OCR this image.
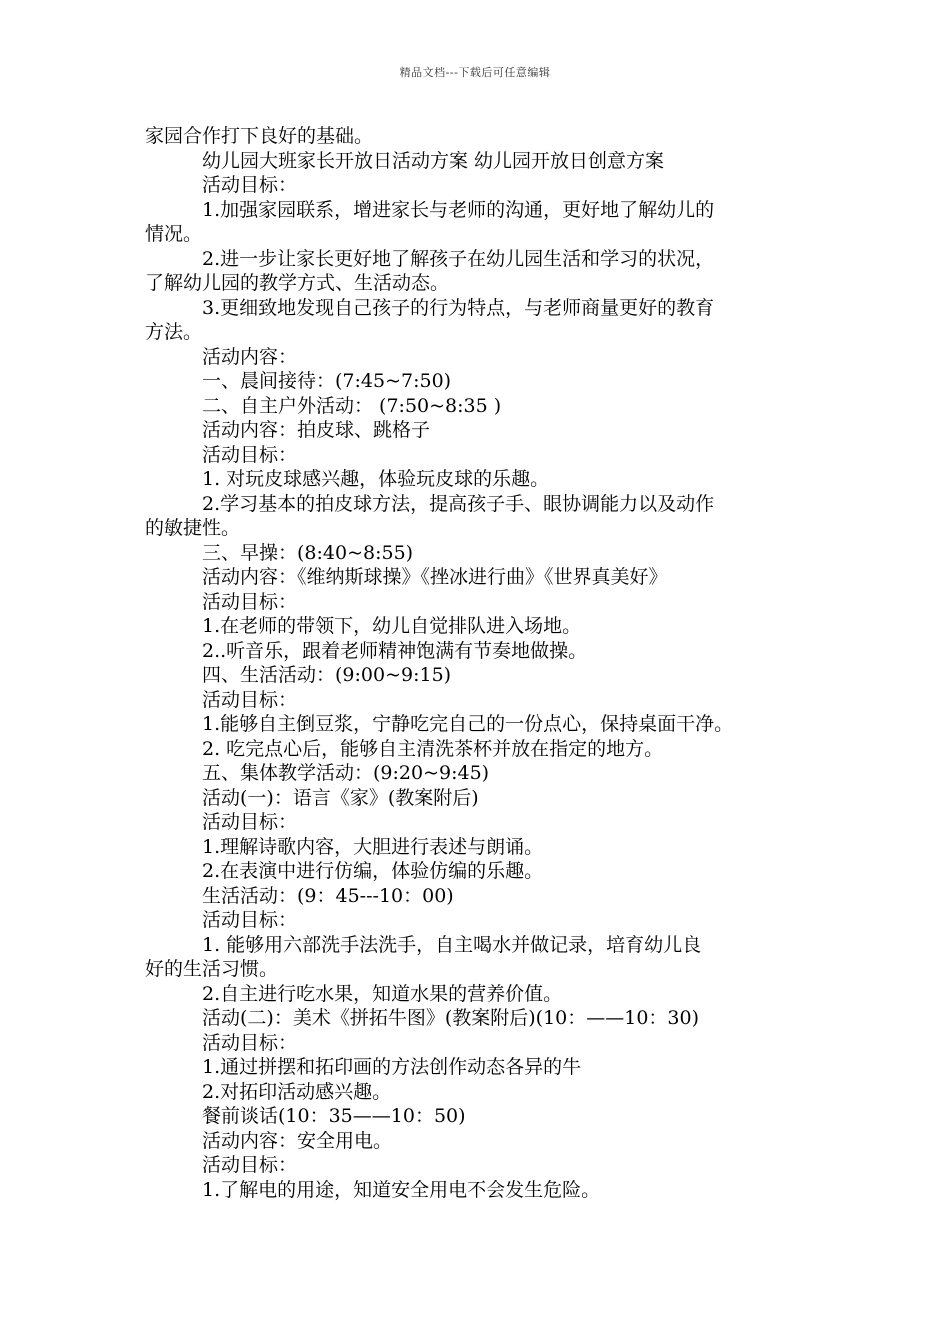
精品文档---下载后可任意编辑
家园合作打下良好的基础。
幼儿园大班家长开放日活动方案 幼儿园开放日创意方案
活动目标：
1.加强家园联系，增进家长与老师的沟通，更好地了解幼儿的
情况。
2.进一步让家长更好地了解孩子在幼儿园生活和学习的状况，
了解幼儿园的教学方式、生活动态。
3.更细致地发现自己孩子的行为特点，与老师商量更好的教育
方法。
活动内容：
一、晨间接待：(7:45~7:50)
二、自主户外活动： (7:50~8:35 )
活动内容：拍皮球、跳格子
活动目标：
1. 对玩皮球感兴趣，体验玩皮球的乐趣。
2.学习基本的拍皮球方法，提高孩子手、眼协调能力以及动作
的敏捷性。
三、早操：(8:40~8:55)
活动内容：《维纳斯球操》《挫冰进行曲》《世界真美好》
活动目标：
1.在老师的带领下，幼儿自觉排队进入场地。
2..听音乐，跟着老师精神饱满有节奏地做操。
四、生活活动：(9:00~9:15)
活动目标：
1.能够自主倒豆浆，宁静吃完自己的一份点心，保持桌面干净。
2. 吃完点心后，能够自主清洗茶杯并放在指定的地方。
五、集体教学活动：(9:20~9:45)
活动(一)：语言《家》(教案附后)
活动目标：
1.理解诗歌内容，大胆进行表述与朗诵。
2.在表演中进行仿编，体验仿编的乐趣。
生活活动：(9：45---10：00)
活动目标：
1. 能够用六部洗手法洗手，自主喝水并做记录，培育幼儿良
好的生活习惯。
2.自主进行吃水果，知道水果的营养价值。
活动(二)：美术《拼拓牛图》(教案附后)(10：——10：30)
活动目标：
1.通过拼摆和拓印画的方法创作动态各异的牛
2.对拓印活动感兴趣。
餐前谈话(10：35——10：50)
活动内容：安全用电。
活动目标：
1.了解电的用途，知道安全用电不会发生危险。
